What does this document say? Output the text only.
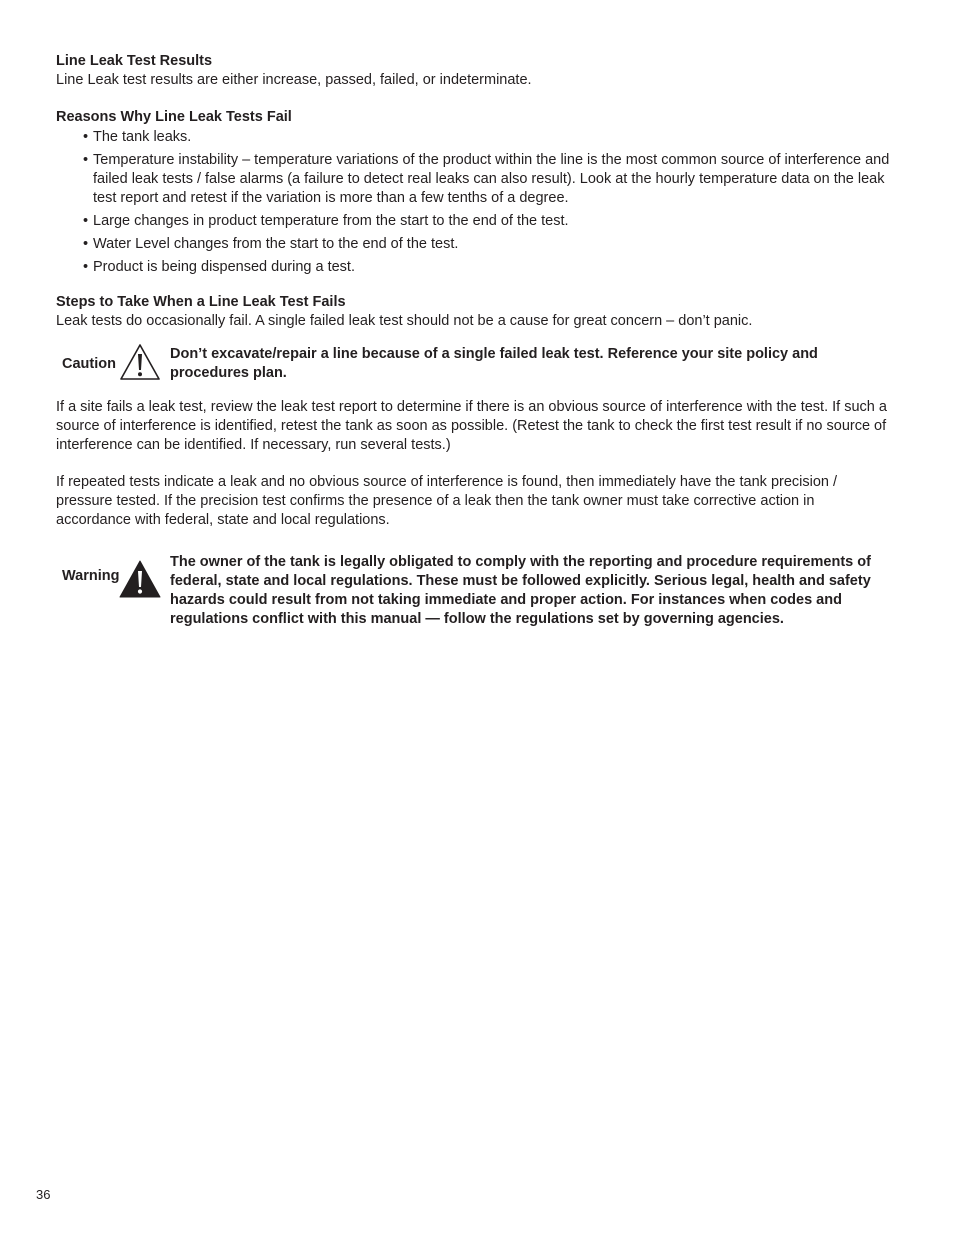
Line Leak Test Results

Line Leak test results are either increase, passed, failed, or indeterminate.

Reasons Why Line Leak Tests Fail

• The tank leaks.
• Temperature instability – temperature variations of the product within the line is the most common source of interference and failed leak tests / false alarms (a failure to detect real leaks can also result). Look at the hourly temperature data on the leak test report and retest if the variation is more than a few tenths of a degree.
• Large changes in product temperature from the start to the end of the test.
• Water Level changes from the start to the end of the test.
• Product is being dispensed during a test.

Steps to Take When a Line Leak Test Fails

Leak tests do occasionally fail. A single failed leak test should not be a cause for great concern – don’t panic.

Caution
Don’t excavate/repair a line because of a single failed leak test. Reference your site policy and procedures plan.

If a site fails a leak test, review the leak test report to determine if there is an obvious source of interference with the test. If such a source of interference is identified, retest the tank as soon as possible. (Retest the tank to check the first test result if no source of interference can be identified. If necessary, run several tests.)

If repeated tests indicate a leak and no obvious source of interference is found, then immediately have the tank precision / pressure tested. If the precision test confirms the presence of a leak then the tank owner must take corrective action in accordance with federal, state and local regulations.

Warning
The owner of the tank is legally obligated to comply with the reporting and procedure requirements of federal, state and local regulations. These must be followed explicitly. Serious legal, health and safety hazards could result from not taking immediate and proper action. For instances when codes and regulations conflict with this manual — follow the regulations set by governing agencies.
36
